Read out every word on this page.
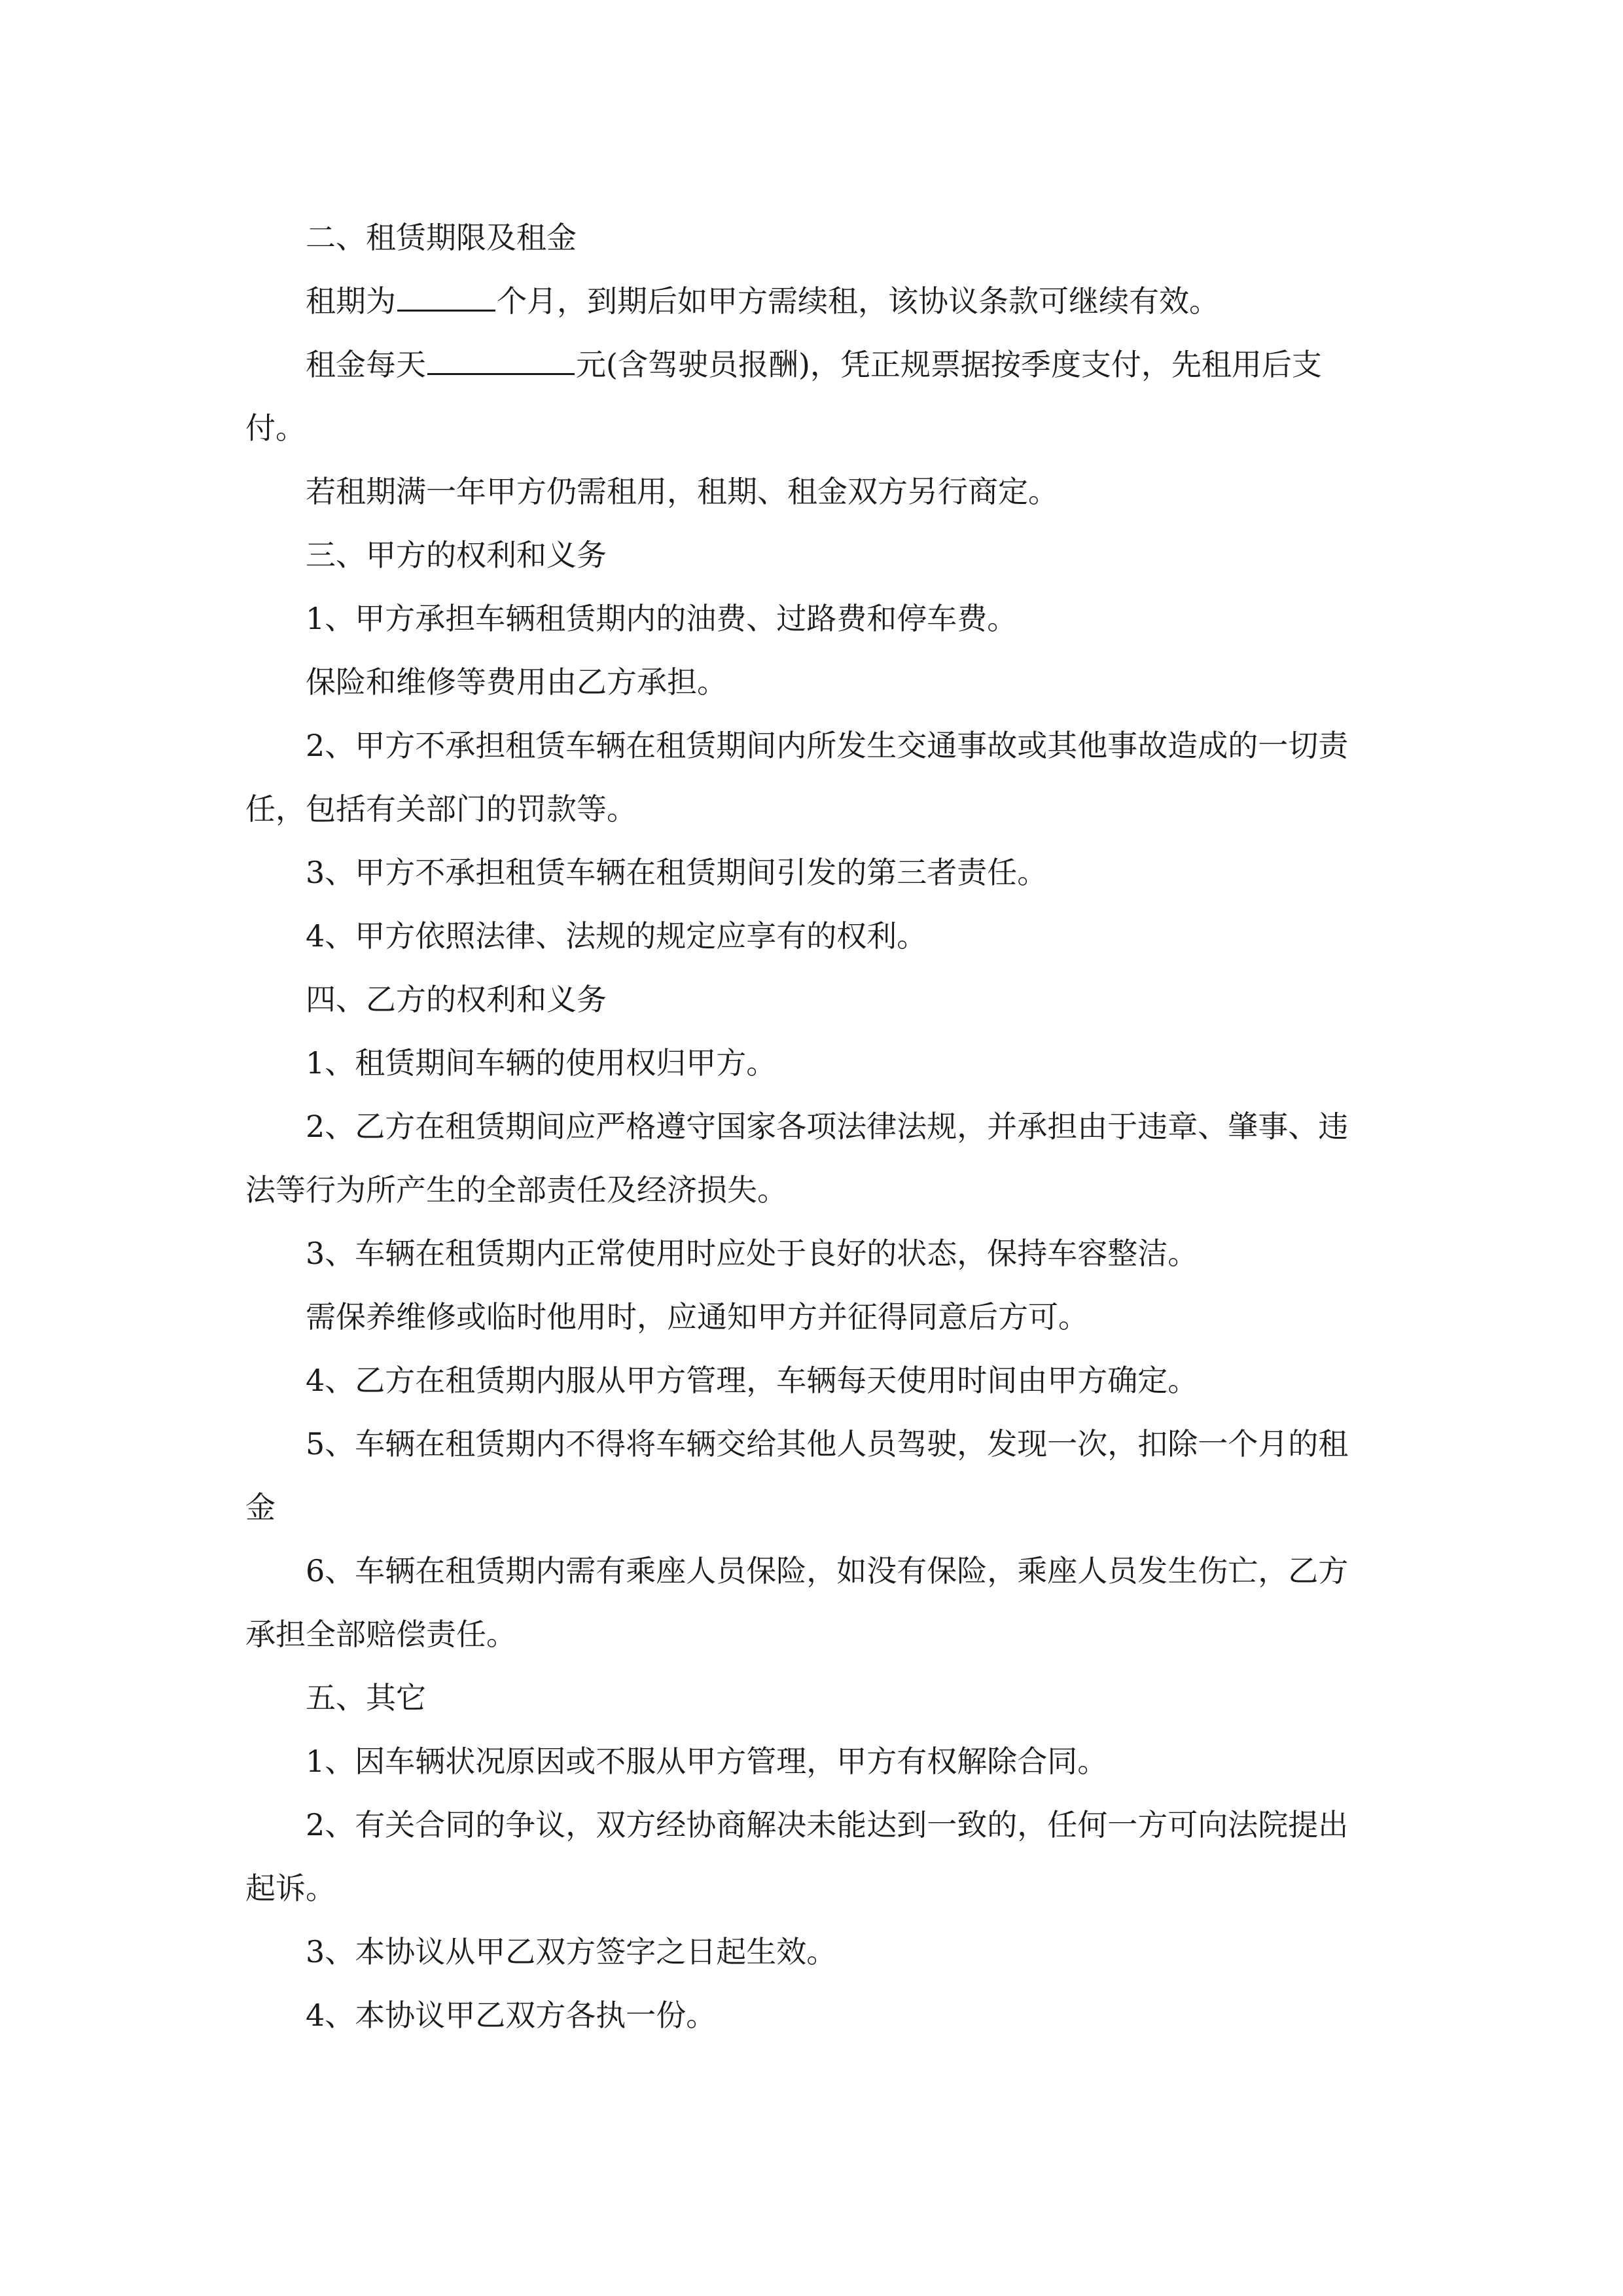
二、租赁期限及租金

租期为	个月，到期后如甲方需续租，该协议条款可继续有效。

租金每天	元(含驾驶员报酬)，凭正规票据按季度支付，先租用后支付。

若租期满一年甲方仍需租用，租期、租金双方另行商定。

三、甲方的权利和义务

1、甲方承担车辆租赁期内的油费、过路费和停车费。

保险和维修等费用由乙方承担。

2、甲方不承担租赁车辆在租赁期间内所发生交通事故或其他事故造成的一切责任，包括有关部门的罚款等。

3、甲方不承担租赁车辆在租赁期间引发的第三者责任。

4、甲方依照法律、法规的规定应享有的权利。

四、乙方的权利和义务

1、租赁期间车辆的使用权归甲方。

2、乙方在租赁期间应严格遵守国家各项法律法规，并承担由于违章、肇事、违法等行为所产生的全部责任及经济损失。

3、车辆在租赁期内正常使用时应处于良好的状态，保持车容整洁。

需保养维修或临时他用时，应通知甲方并征得同意后方可。

4、乙方在租赁期内服从甲方管理，车辆每天使用时间由甲方确定。

5、车辆在租赁期内不得将车辆交给其他人员驾驶，发现一次，扣除一个月的租金

6、车辆在租赁期内需有乘座人员保险，如没有保险，乘座人员发生伤亡，乙方承担全部赔偿责任。

五、其它

1、因车辆状况原因或不服从甲方管理，甲方有权解除合同。

2、有关合同的争议，双方经协商解决未能达到一致的，任何一方可向法院提出起诉。

3、本协议从甲乙双方签字之日起生效。

4、本协议甲乙双方各执一份。
